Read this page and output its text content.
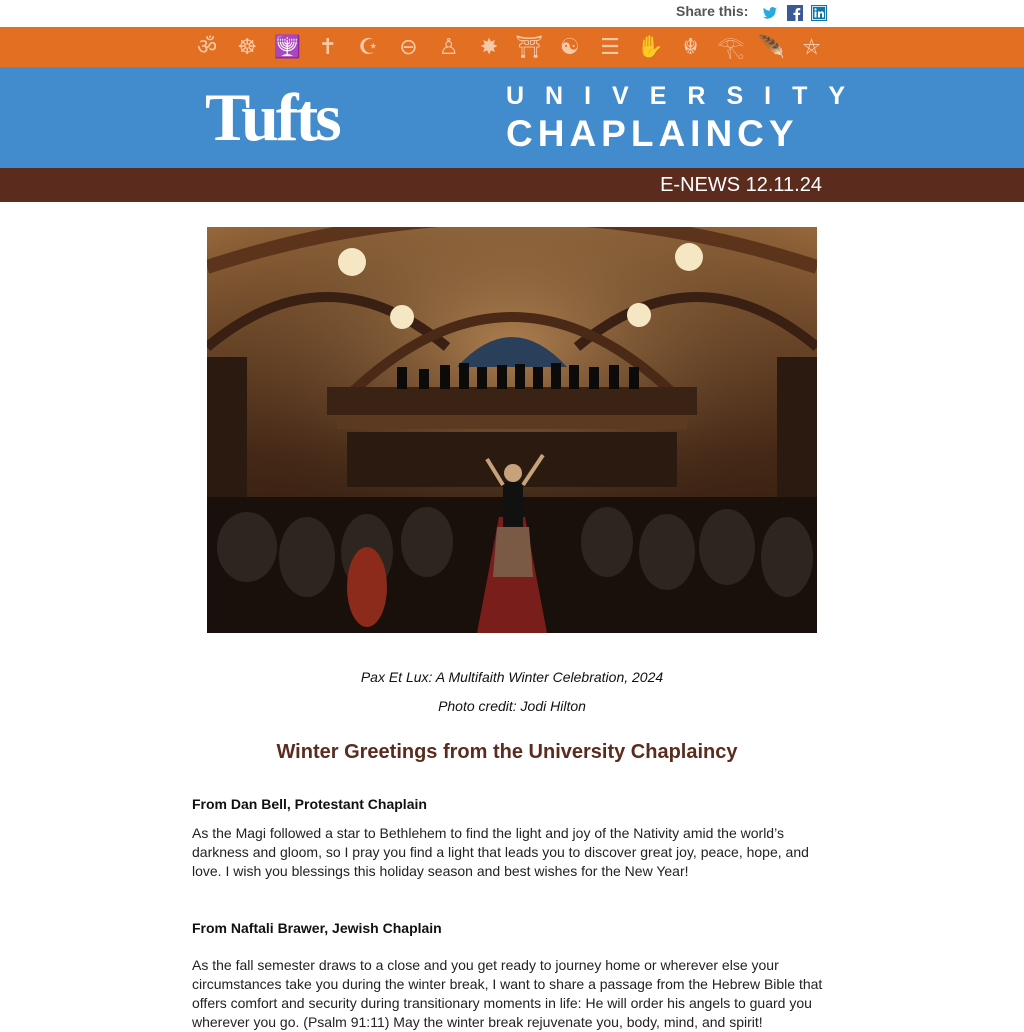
Share this:
ॐ ☸ 🕎 ✝ ☪ ⊖ ♙ ✸ ⛩ ☯ ☰ ✋ ☬ 𓂀 🪶 ⛤
Tufts	UNIVERSITY
CHAPLAINCY
E-NEWS 12.11.24
Pax Et Lux: A Multifaith Winter Celebration, 2024
Photo credit: Jodi Hilton
Winter Greetings from the University Chaplaincy
From Dan Bell, Protestant Chaplain

As the Magi followed a star to Bethlehem to find the light and joy of the Nativity amid the world’s darkness and gloom, so I pray you find a light that leads you to discover great joy, peace, hope, and love. I wish you blessings this holiday season and best wishes for the New Year!

From Naftali Brawer, Jewish Chaplain

As the fall semester draws to a close and you get ready to journey home or wherever else your circumstances take you during the winter break, I want to share a passage from the Hebrew Bible that offers comfort and security during transitionary moments in life: He will order his angels to guard you wherever you go. (Psalm 91:11) May the winter break rejuvenate you, body, mind, and spirit!
